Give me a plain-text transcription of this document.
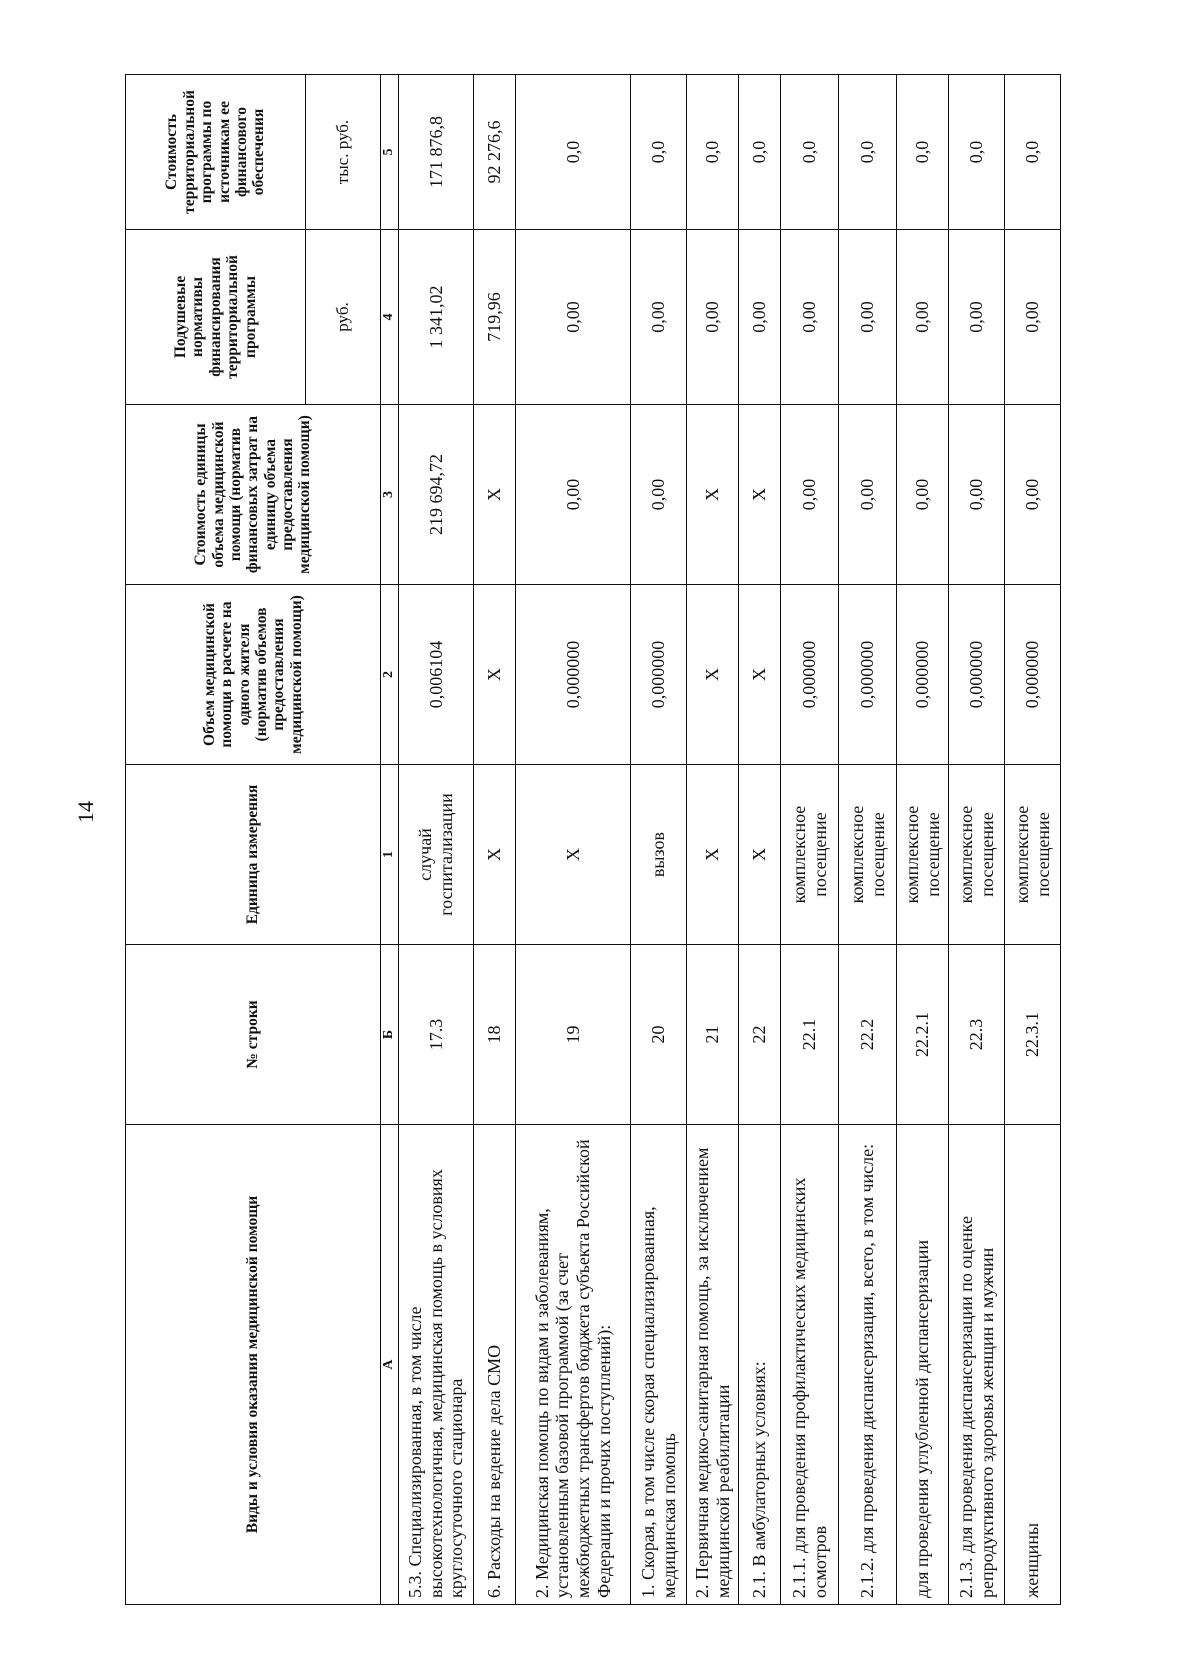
14
Виды и условия оказания медицинской помощи	№ строки	Единица измерения	Объем медицинской помощи в расчете на одного жителя (норматив объемов предоставления медицинской помощи)	Стоимость единицы объема медицинской помощи (норматив финансовых затрат на единицу объема предоставления медицинской помощи)	Подушевые нормативы финансирования территориальной программы	Стоимость территориальной программы по источникам ее финансового обеспечения
					руб.	тыс. руб.
А	Б	1	2	3	4	5
5.3. Специализированная, в том числе высокотехнологичная, медицинская помощь в условиях круглосуточного стационара	17.3	случай госпитализации	0,006104	219 694,72	1 341,02	171 876,8
6. Расходы на ведение дела СМО	18	Х	Х	Х	719,96	92 276,6
2. Медицинская помощь по видам и заболеваниям, установленным базовой программой (за счет межбюджетных трансфертов бюджета субъекта Российской Федерации и прочих поступлений):	19	Х	0,000000	0,00	0,00	0,0
1. Скорая, в том числе скорая специализированная, медицинская помощь	20	вызов	0,000000	0,00	0,00	0,0
2. Первичная медико-санитарная помощь, за исключением медицинской реабилитации	21	Х	Х	Х	0,00	0,0
2.1. В амбулаторных условиях:	22	Х	Х	Х	0,00	0,0
2.1.1. для проведения профилактических медицинских осмотров	22.1	комплексное посещение	0,000000	0,00	0,00	0,0
2.1.2. для проведения диспансеризации, всего, в том числе:	22.2	комплексное посещение	0,000000	0,00	0,00	0,0
для проведения углубленной диспансеризации	22.2.1	комплексное посещение	0,000000	0,00	0,00	0,0
2.1.3. для проведения диспансеризации по оценке репродуктивного здоровья женщин и мужчин	22.3	комплексное посещение	0,000000	0,00	0,00	0,0
женщины	22.3.1	комплексное посещение	0,000000	0,00	0,00	0,0
